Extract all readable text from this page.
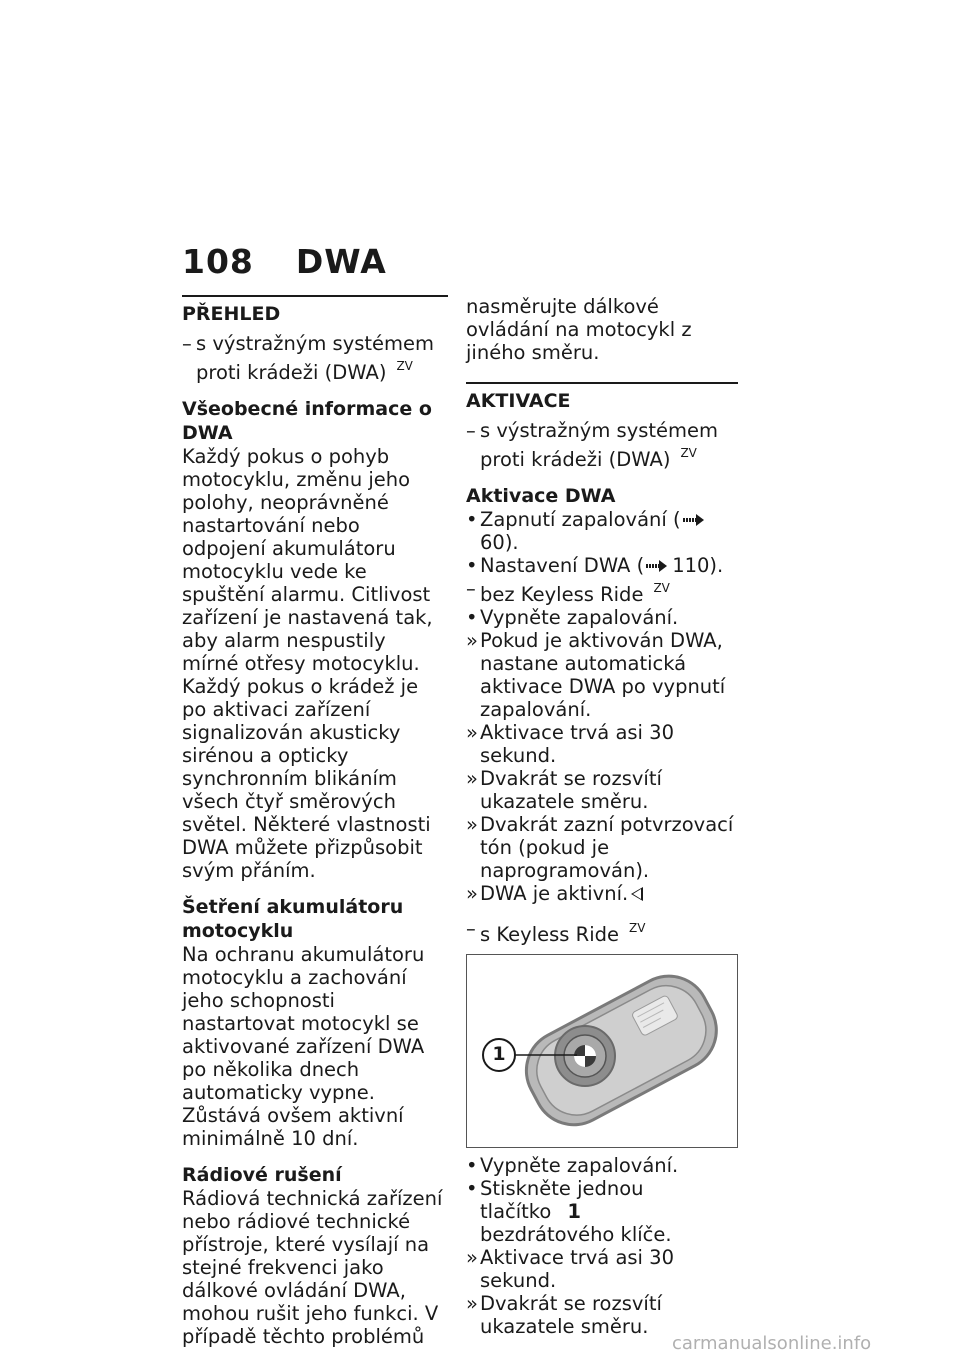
108 DWA
PŘEHLED
– s výstražným systémem proti krádeži (DWA) $^{ZV}$
Všeobecné informace o DWA

Každý pokus o pohyb motocyklu, změnu jeho polohy, neoprávněné nastartování nebo odpojení akumulátoru motocyklu vede ke spuštění alarmu. Citlivost zařízení je nastavená tak, aby alarm nespustily mírné otřesy motocyklu. Každý pokus o krádež je po aktivaci zařízení signalizován akusticky sirénou a opticky synchronním blikáním všech čtyř směrových světel. Některé vlastnosti DWA můžete přizpůsobit svým přáním.

Šetření akumulátoru motocyklu

Na ochranu akumulátoru motocyklu a zachování jeho schopnosti nastartovat motocykl se aktivované zařízení DWA po několika dnech automaticky vypne. Zůstává ovšem aktivní minimálně 10 dní.

Rádiové rušení

Rádiová technická zařízení nebo rádiové technické přístroje, které vysílají na stejné frekvenci jako dálkové ovládání DWA, mohou rušit jeho funkci. V případě těchto problémů

nasměrujte dálkové ovládání na motocykl z jiného směru.

AKTIVACE
– s výstražným systémem proti krádeži (DWA) $^{ZV}$
Aktivace DWA
• Zapnutí zapalování (
60).
• Nastavení DWA ( 110).
– bez Keyless Ride $^{ZV}$
• Vypněte zapalování.
» Pokud je aktivován DWA, nastane automatická aktivace DWA po vypnutí zapalování.
» Aktivace trvá asi 30 sekund.
» Dvakrát se rozsvítí ukazatele směru.
» Dvakrát zazní potvrzovací tón (pokud je naprogramován).
» DWA je aktivní.
– s Keyless Ride $^{ZV}$
1
• Vypněte zapalování.
• Stiskněte jednou tlačítko 1
bezdrátového klíče.
» Aktivace trvá asi 30 sekund.
» Dvakrát se rozsvítí ukazatele směru.
carmanualsonline.info
